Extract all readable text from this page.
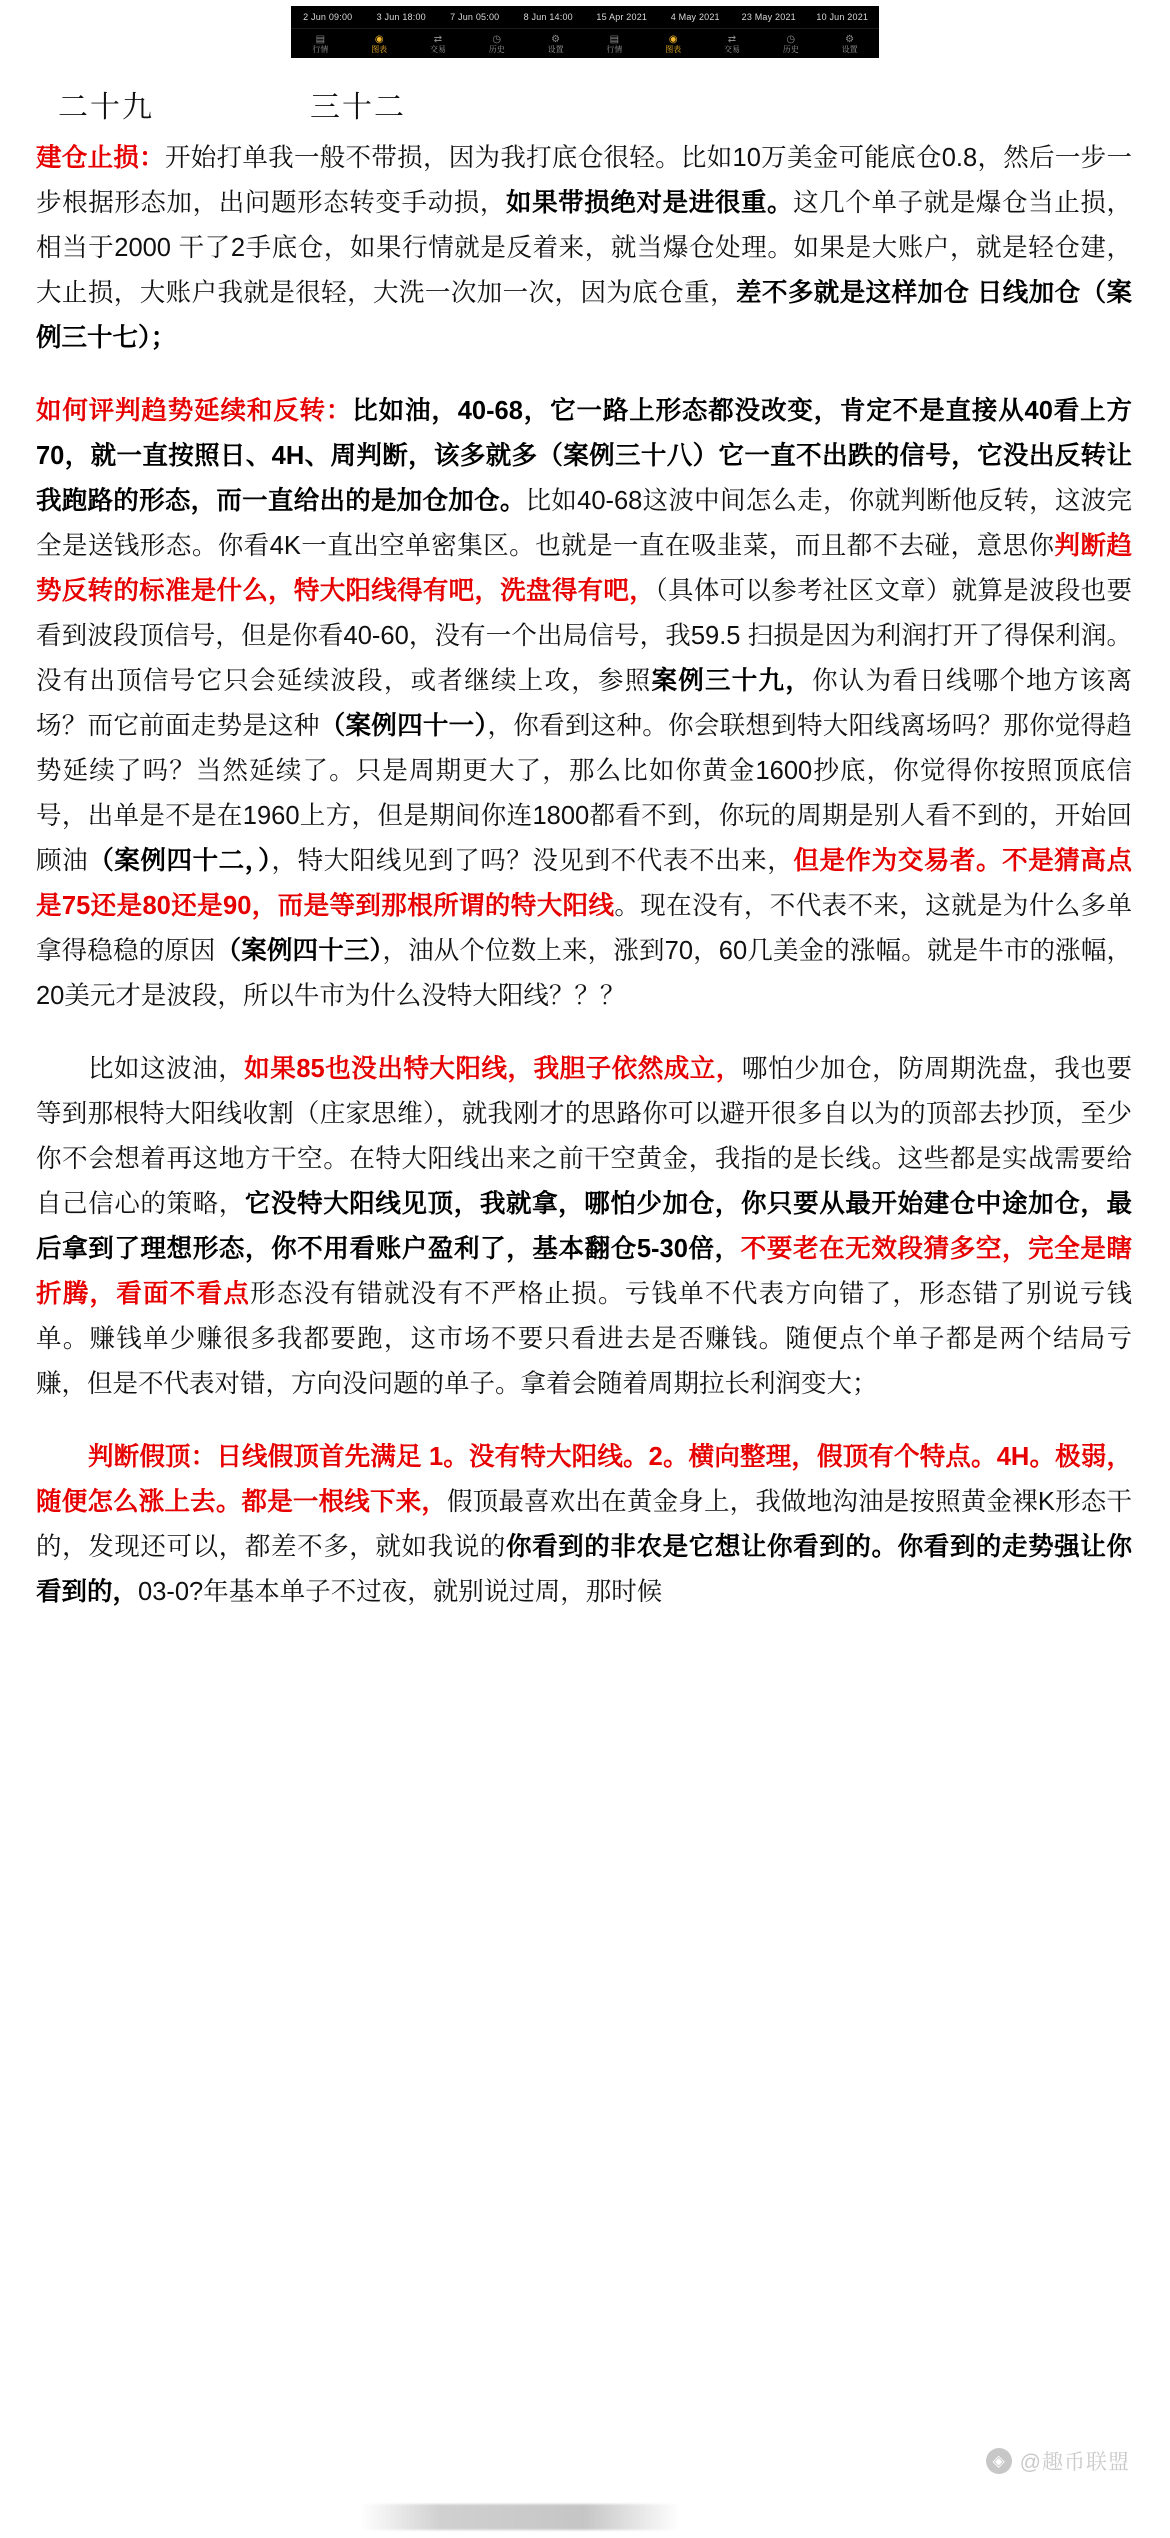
2 Jun 09:00	3 Jun 18:00	7 Jun 05:00	8 Jun 14:00	15 Apr 2021	4 May 2021	23 May 2021	10 Jun 2021
▤
行情
◉
图表
⇄
交易
◷
历史
⚙
设置
▤
行情
◉
图表
⇄
交易
◷
历史
⚙
设置
二十九	三十二

建仓止损：开始打单我一般不带损，因为我打底仓很轻。比如10万美金可能底仓0.8，然后一步一步根据形态加，出问题形态转变手动损，如果带损绝对是进很重。这几个单子就是爆仓当止损，相当于2000 干了2手底仓，如果行情就是反着来，就当爆仓处理。如果是大账户，就是轻仓建，大止损，大账户我就是很轻，大洗一次加一次，因为底仓重，差不多就是这样加仓 日线加仓（案例三十七）；

如何评判趋势延续和反转：比如油，40-68，它一路上形态都没改变，肯定不是直接从40看上方70，就一直按照日、4H、周判断，该多就多（案例三十八）它一直不出跌的信号，它没出反转让我跑路的形态，而一直给出的是加仓加仓。比如40-68这波中间怎么走，你就判断他反转，这波完全是送钱形态。你看4K一直出空单密集区。也就是一直在吸韭菜，而且都不去碰，意思你判断趋势反转的标准是什么，特大阳线得有吧，洗盘得有吧，（具体可以参考社区文章）就算是波段也要看到波段顶信号，但是你看40-60，没有一个出局信号，我59.5 扫损是因为利润打开了得保利润。没有出顶信号它只会延续波段，或者继续上攻，参照案例三十九，你认为看日线哪个地方该离场？而它前面走势是这种（案例四十一），你看到这种。你会联想到特大阳线离场吗？那你觉得趋势延续了吗？当然延续了。只是周期更大了，那么比如你黄金1600抄底，你觉得你按照顶底信号，出单是不是在1960上方，但是期间你连1800都看不到，你玩的周期是别人看不到的，开始回顾油（案例四十二，），特大阳线见到了吗？没见到不代表不出来，但是作为交易者。不是猜高点是75还是80还是90，而是等到那根所谓的特大阳线。现在没有，不代表不来，这就是为什么多单拿得稳稳的原因（案例四十三），油从个位数上来，涨到70，60几美金的涨幅。就是牛市的涨幅，20美元才是波段，所以牛市为什么没特大阳线？？？

比如这波油，如果85也没出特大阳线，我胆子依然成立，哪怕少加仓，防周期洗盘，我也要等到那根特大阳线收割（庄家思维），就我刚才的思路你可以避开很多自以为的顶部去抄顶，至少你不会想着再这地方干空。在特大阳线出来之前干空黄金，我指的是长线。这些都是实战需要给自己信心的策略，它没特大阳线见顶，我就拿，哪怕少加仓，你只要从最开始建仓中途加仓，最后拿到了理想形态，你不用看账户盈利了，基本翻仓5-30倍，不要老在无效段猜多空，完全是瞎折腾，看面不看点形态没有错就没有不严格止损。亏钱单不代表方向错了，形态错了别说亏钱单。赚钱单少赚很多我都要跑，这市场不要只看进去是否赚钱。随便点个单子都是两个结局亏赚，但是不代表对错，方向没问题的单子。拿着会随着周期拉长利润变大；

判断假顶：日线假顶首先满足 1。没有特大阳线。2。横向整理，假顶有个特点。4H。极弱，随便怎么涨上去。都是一根线下来，假顶最喜欢出在黄金身上，我做地沟油是按照黄金裸K形态干的，发现还可以，都差不多，就如我说的你看到的非农是它想让你看到的。你看到的走势强让你看到的，03-0?年基本单子不过夜，就别说过周，那时候

◈ @趣币联盟
